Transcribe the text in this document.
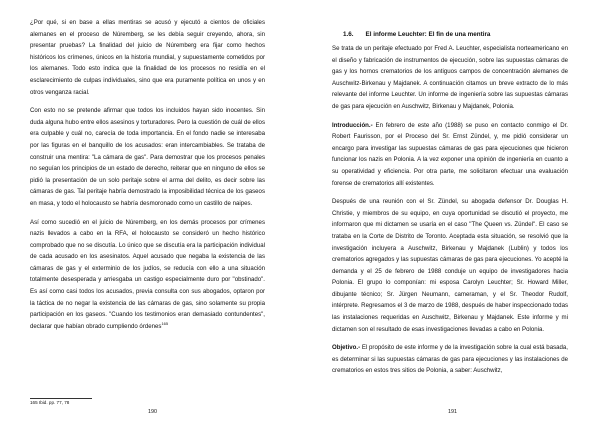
¿Por qué, si en base a ellas mentiras se acusó y ejecutó a cientos de oficiales alemanes en el proceso de Núremberg, se les debía seguir creyendo, ahora, sin presentar pruebas? La finalidad del juicio de Núremberg era fijar como hechos históricos los crímenes, únicos en la historia mundial, y supuestamente cometidos por los alemanes. Todo esto indica que la finalidad de los procesos no residía en el esclarecimiento de culpas individuales, sino que era puramente política en unos y en otros venganza racial.

Con esto no se pretende afirmar que todos los incluidos hayan sido inocentes. Sin duda alguna hubo entre ellos asesinos y torturadores. Pero la cuestión de cuál de ellos era culpable y cuál no, carecía de toda importancia. En el fondo nadie se interesaba por las figuras en el banquillo de los acusados: eran intercambiables. Se trataba de construir una mentira: "La cámara de gas". Para demostrar que los procesos penales no seguían los principios de un estado de derecho, reiterar que en ninguno de ellos se pidió la presentación de un solo peritaje sobre el arma del delito, es decir sobre las cámaras de gas. Tal peritaje habría demostrado la imposibilidad técnica de los gaseos en masa, y todo el holocausto se habría desmoronado como un castillo de naipes.

Así como sucedió en el juicio de Núremberg, en los demás procesos por crímenes nazis llevados a cabo en la RFA, el holocausto se consideró un hecho histórico comprobado que no se discutía. Lo único que se discutía era la participación individual de cada acusado en los asesinatos. Aquel acusado que negaba la existencia de las cámaras de gas y el exterminio de los judíos, se reducía con ello a una situación totalmente desesperada y arriesgaba un castigo especialmente duro por "obstinado". Es así como casi todos los acusados, previa consulta con sus abogados, optaron por la táctica de no negar la existencia de las cámaras de gas, sino solamente su propia participación en los gaseos. "Cuando los testimonios eran demasiado contundentes", declarar que habían obrado cumpliendo órdenes$^{165}$

165 Ibid. pp. 77, 78
190
1.6. El informe Leuchter: El fin de una mentira

Se trata de un peritaje efectuado por Fred A. Leuchter, especialista norteamericano en el diseño y fabricación de instrumentos de ejecución, sobre las supuestas cámaras de gas y los hornos crematorios de los antiguos campos de concentración alemanes de Auschwitz-Birkenau y Majdanek. A continuación citamos un breve extracto de lo más relevante del informe Leuchter. Un informe de ingeniería sobre las supuestas cámaras de gas para ejecución en Auschwitz, Birkenau y Majdanek, Polonia.

Introducción.- En febrero de este año (1988) se puso en contacto conmigo el Dr. Robert Faurisson, por el Proceso del Sr. Ernst Zündel, y, me pidió considerar un encargo para investigar las supuestas cámaras de gas para ejecuciones que hicieron funcionar los nazis en Polonia. A la vez exponer una opinión de ingeniería en cuanto a su operatividad y eficiencia. Por otra parte, me solicitaron efectuar una evaluación forense de crematorios allí existentes.

Después de una reunión con el Sr. Zündel, su abogada defensor Dr. Douglas H. Christie, y miembros de su equipo, en cuya oportunidad se discutió el proyecto, me informaron que mi dictamen se usaría en el caso "The Queen vs. Zündel". El caso se trataba en la Corte de Distrito de Toronto. Aceptada esta situación, se resolvió que la investigación incluyera a Auschwitz, Birkenau y Majdanek (Lublin) y todos los crematorios agregados y las supuestas cámaras de gas para ejecuciones. Yo acepté la demanda y el 25 de febrero de 1988 conduje un equipo de investigadores hacia Polonia. El grupo lo componían: mi esposa Carolyn Leuchter; Sr. Howard Miller, dibujante técnico; Sr. Jürgen Neumann, cameraman, y el Sr. Theodor Rudolf, intérprete. Regresamos el 3 de marzo de 1988, después de haber inspeccionado todas las instalaciones requeridas en Auschwitz, Birkenau y Majdanek. Este informe y mi dictamen son el resultado de esas investigaciones llevadas a cabo en Polonia.

Objetivo.- El propósito de este informe y de la investigación sobre la cual está basada, es determinar si las supuestas cámaras de gas para ejecuciones y las instalaciones de crematorios en estos tres sitios de Polonia, a saber: Auschwitz,

191
